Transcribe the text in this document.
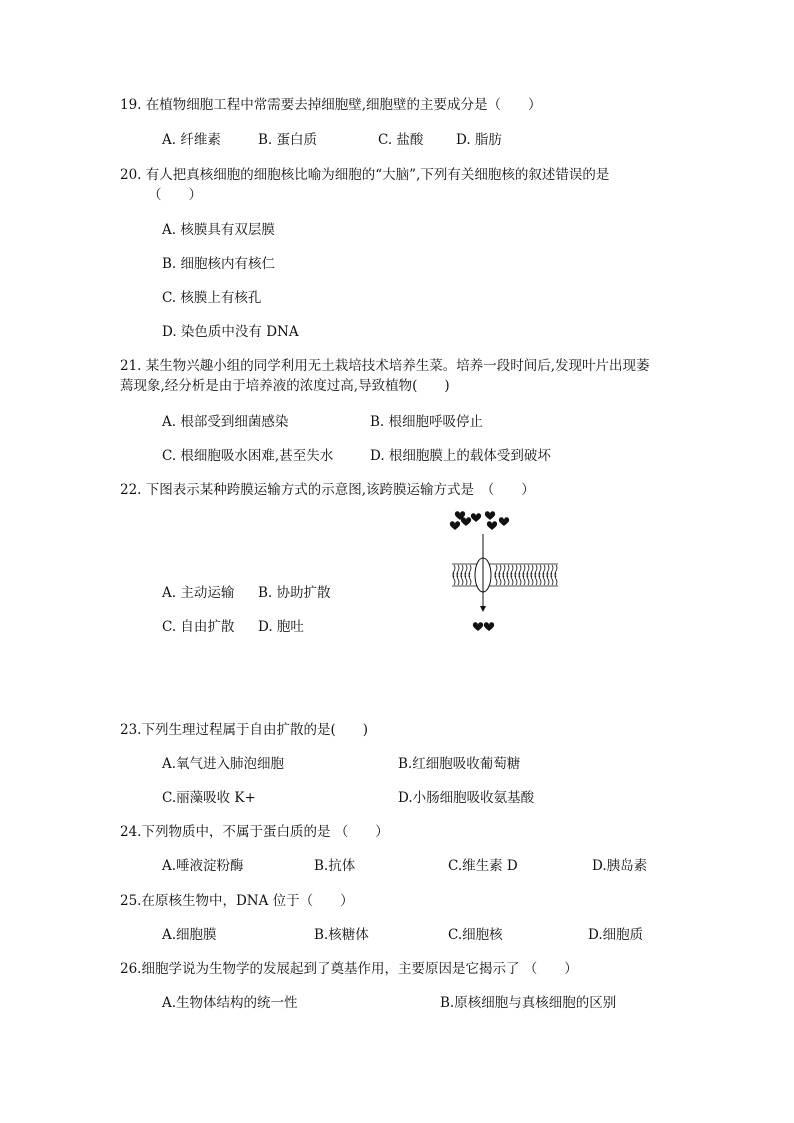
19. 在植物细胞工程中常需要去掉细胞壁,细胞壁的主要成分是（　　）
A. 纤维素	B. 蛋白质	C. 盐酸 D. 脂肪
20. 有人把真核细胞的细胞核比喻为细胞的“大脑”,下列有关细胞核的叙述错误的是
（　　）
A. 核膜具有双层膜
B. 细胞核内有核仁
C. 核膜上有核孔
D. 染色质中没有 DNA
21. 某生物兴趣小组的同学利用无土栽培技术培养生菜。培养一段时间后,发现叶片出现萎
蔫现象,经分析是由于培养液的浓度过高,导致植物(　　)
A. 根部受到细菌感染	B. 根细胞呼吸停止
C. 根细胞吸水困难,甚至失水	D. 根细胞膜上的载体受到破坏
22. 下图表示某种跨膜运输方式的示意图,该跨膜运输方式是　（　　）
A. 主动运输 B. 协助扩散
C. 自由扩散 D. 胞吐
23.下列生理过程属于自由扩散的是(　　)
A.氧气进入肺泡细胞	B.红细胞吸收葡萄糖
C.丽藻吸收 K+	D.小肠细胞吸收氨基酸
24.下列物质中，不属于蛋白质的是 （　　）
A.唾液淀粉酶	B.抗体	C.维生素 D	D.胰岛素
25.在原核生物中，DNA 位于（　　）
A.细胞膜	B.核糖体	C.细胞核	D.细胞质
26.细胞学说为生物学的发展起到了奠基作用，主要原因是它揭示了 （　　）
A.生物体结构的统一性	B.原核细胞与真核细胞的区别
